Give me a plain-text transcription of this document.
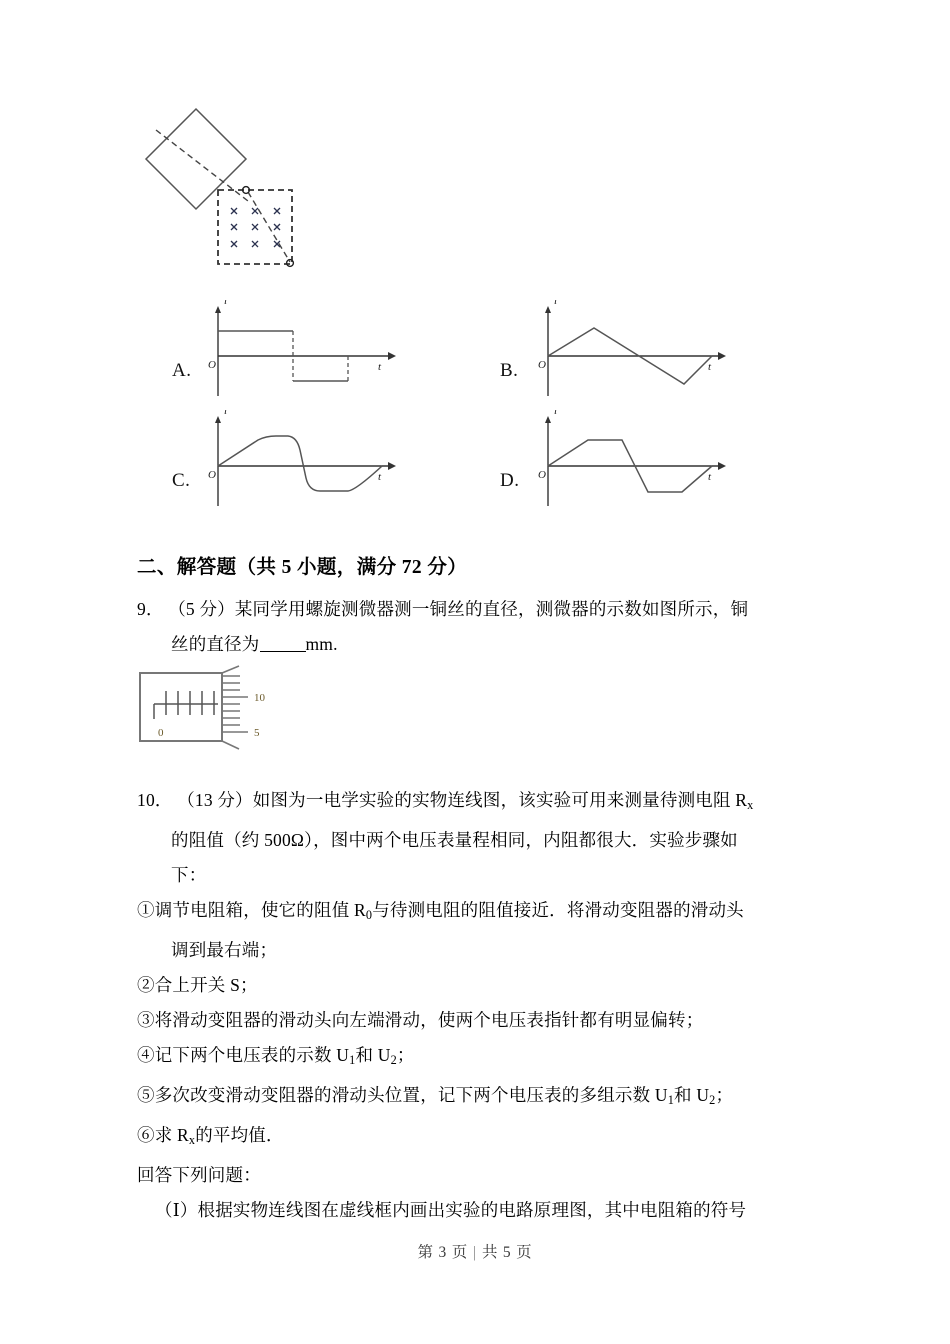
i
O	t
A.
i
O	t
B.
i
O	t
C.
i
O	t
D.
二、解答题（共 5 小题，满分 72 分）
9． （5 分）某同学用螺旋测微器测一铜丝的直径，测微器的示数如图所示，铜
丝的直径为	mm.
0
10
5
10． （13 分）如图为一电学实验的实物连线图，该实验可用来测量待测电阻 $R_x$
的阻值（约 500Ω），图中两个电压表量程相同，内阻都很大．实验步骤如
下：
①调节电阻箱，使它的阻值 $R_0$与待测电阻的阻值接近．将滑动变阻器的滑动头
调到最右端；
②合上开关 S；
③将滑动变阻器的滑动头向左端滑动，使两个电压表指针都有明显偏转；
④记下两个电压表的示数 $U_1$和 $U_2$；
⑤多次改变滑动变阻器的滑动头位置，记下两个电压表的多组示数 $U_1$和 $U_2$；
⑥求 $R_x$的平均值．
回答下列问题：
（Ⅰ）根据实物连线图在虚线框内画出实验的电路原理图，其中电阻箱的符号
第 3 页 | 共 5 页
